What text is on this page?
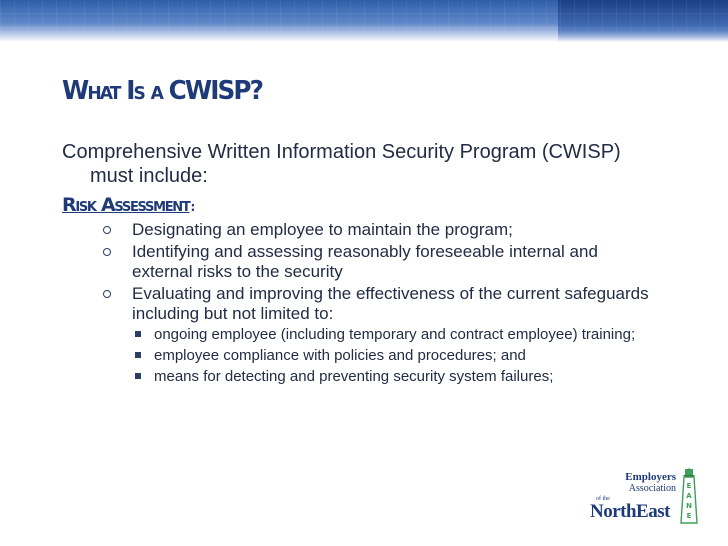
What Is a CWISP?

Comprehensive Written Information Security Program (CWISP) must include:

Risk Assessment:
Designating an employee to maintain the program;
Identifying and assessing reasonably foreseeable internal and external risks to the security
Evaluating and improving the effectiveness of the current safeguards including but not limited to:
ongoing employee (including temporary and contract employee) training;
employee compliance with policies and procedures; and
means for detecting and preventing security system failures;
Employers
Association
of the
NorthEast
E
A
N
E
